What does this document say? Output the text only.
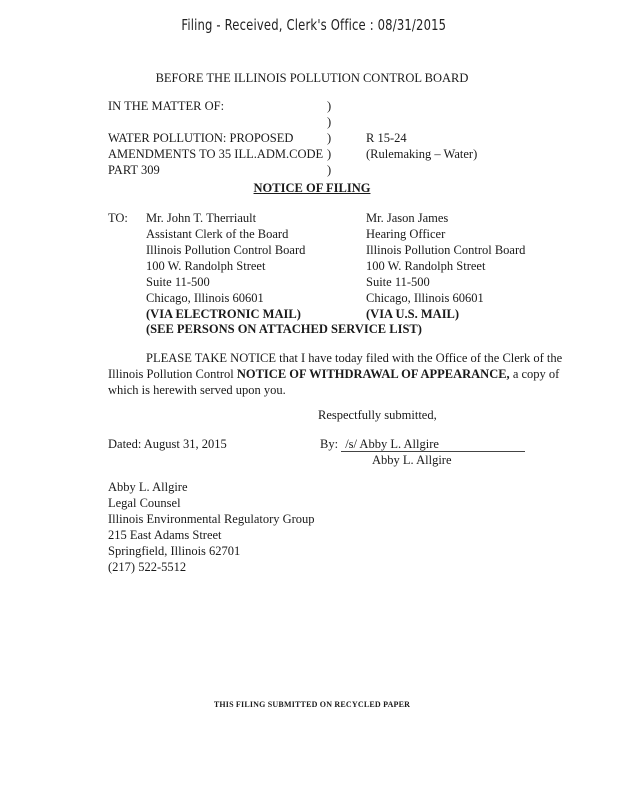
Filing - Received, Clerk's Office : 08/31/2015
BEFORE THE ILLINOIS POLLUTION CONTROL BOARD
IN THE MATTER OF:
WATER POLLUTION: PROPOSED
AMENDMENTS TO 35 ILL.ADM.CODE
PART 309
)
)
)
)
)
R 15-24
(Rulemaking – Water)
NOTICE OF FILING
TO: Mr. John T. Therriault
Assistant Clerk of the Board
Illinois Pollution Control Board
100 W. Randolph Street
Suite 11-500
Chicago, Illinois 60601
(VIA ELECTRONIC MAIL)
Mr. Jason James
Hearing Officer
Illinois Pollution Control Board
100 W. Randolph Street
Suite 11-500
Chicago, Illinois 60601
(VIA U.S. MAIL)
(SEE PERSONS ON ATTACHED SERVICE LIST)

PLEASE TAKE NOTICE that I have today filed with the Office of the Clerk of the Illinois Pollution Control NOTICE OF WITHDRAWAL OF APPEARANCE, a copy of which is herewith served upon you.

Respectfully submitted,
Dated: August 31, 2015	By: /s/ Abby L. Allgire
Abby L. Allgire
Abby L. Allgire
Legal Counsel
Illinois Environmental Regulatory Group
215 East Adams Street
Springfield, Illinois 62701
(217) 522-5512
THIS FILING SUBMITTED ON RECYCLED PAPER
